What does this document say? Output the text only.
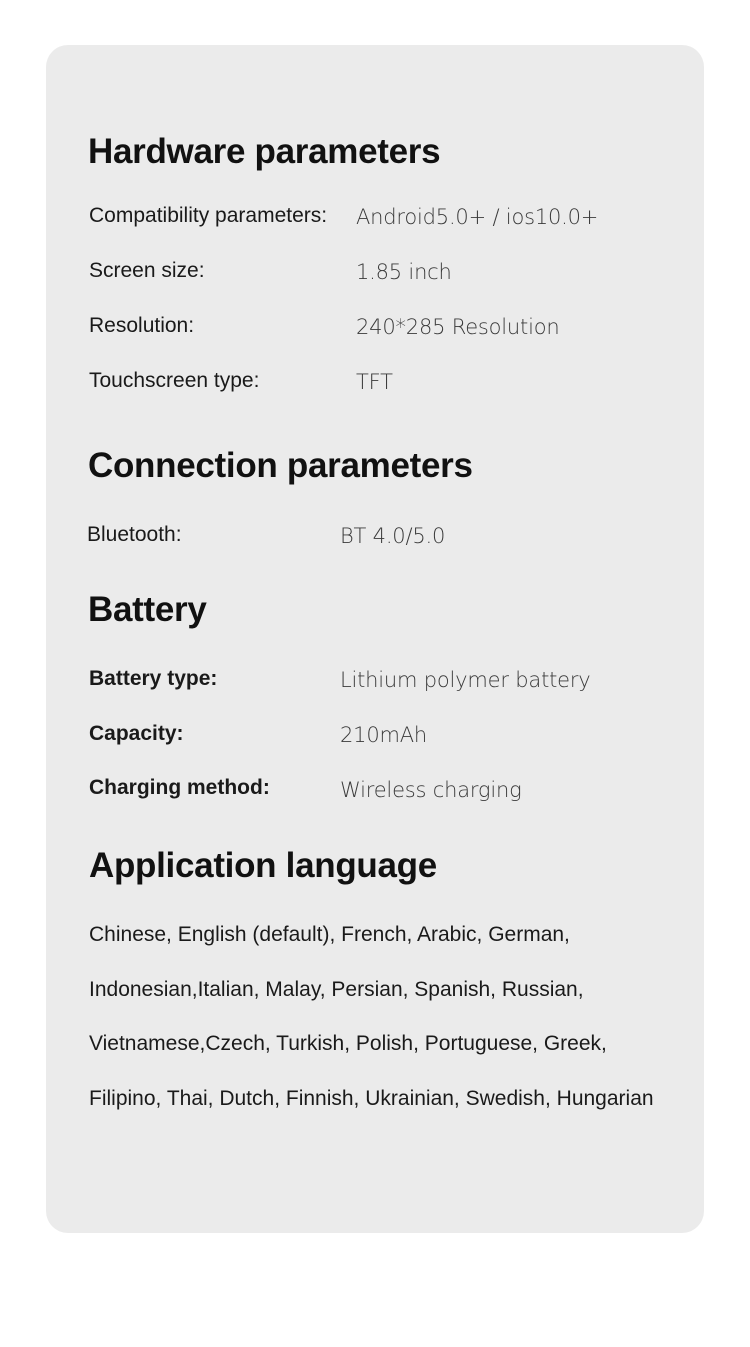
Hardware parameters
Compatibility parameters: Android5.0+ / ios10.0+
Screen size:	1.85 inch
Resolution:	240*285 Resolution
Touchscreen type:	TFT
Connection parameters
Bluetooth:	BT 4.0/5.0
Battery
Battery type:	Lithium polymer battery
Capacity:	210mAh
Charging method:	Wireless charging
Application language
Chinese, English (default), French, Arabic, German,
Indonesian,Italian, Malay, Persian, Spanish, Russian,
Vietnamese,Czech, Turkish, Polish, Portuguese, Greek,
Filipino, Thai, Dutch, Finnish, Ukrainian, Swedish, Hungarian
